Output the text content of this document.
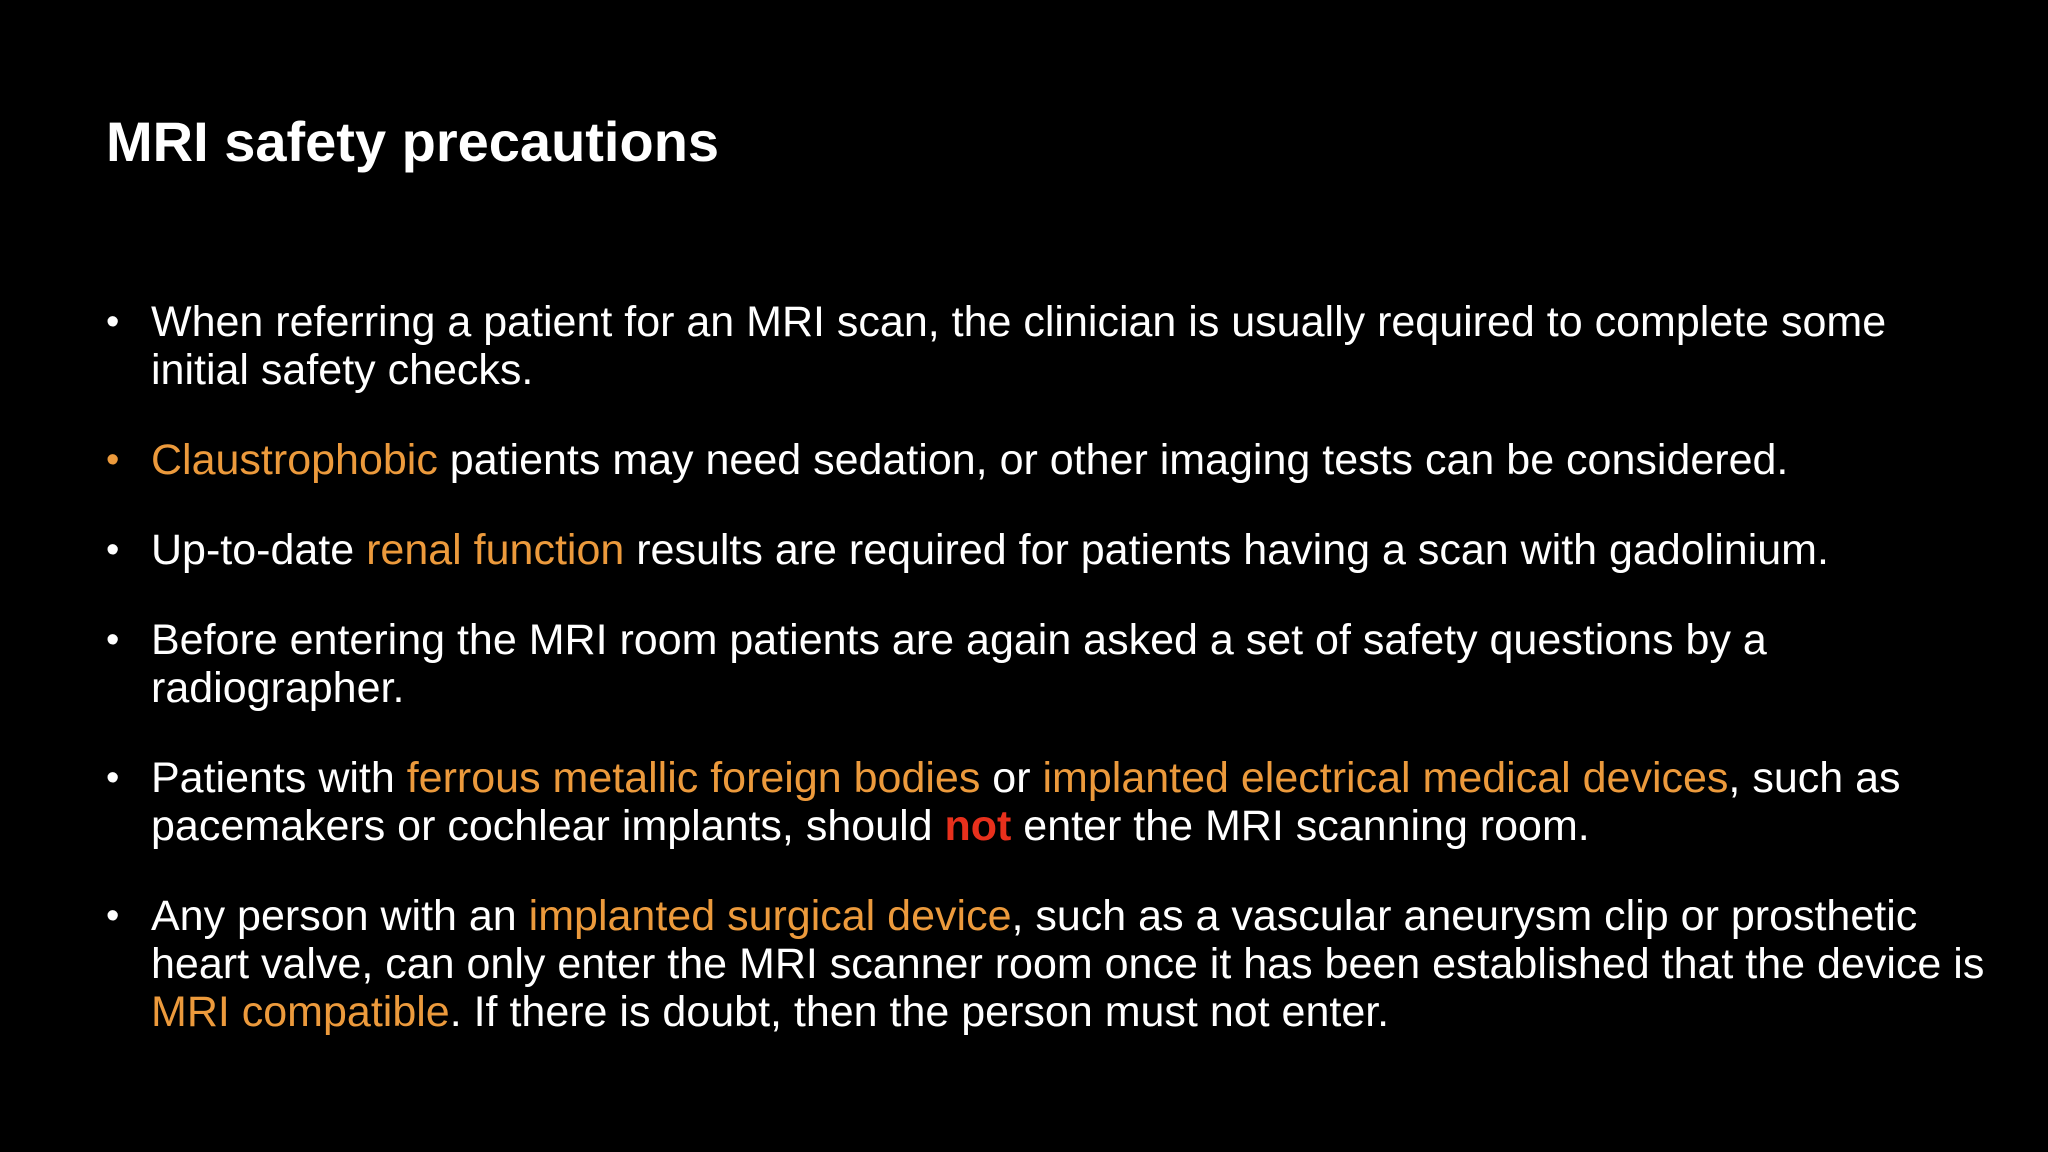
MRI safety precautions
• When referring a patient for an MRI scan, the clinician is usually required to complete some initial safety checks.
• Claustrophobic patients may need sedation, or other imaging tests can be considered.
• Up-to-date renal function results are required for patients having a scan with gadolinium.
• Before entering the MRI room patients are again asked a set of safety questions by a radiographer.
• Patients with ferrous metallic foreign bodies or implanted electrical medical devices, such as pacemakers or cochlear implants, should not enter the MRI scanning room.
• Any person with an implanted surgical device, such as a vascular aneurysm clip or prosthetic heart valve, can only enter the MRI scanner room once it has been established that the device is MRI compatible. If there is doubt, then the person must not enter.
